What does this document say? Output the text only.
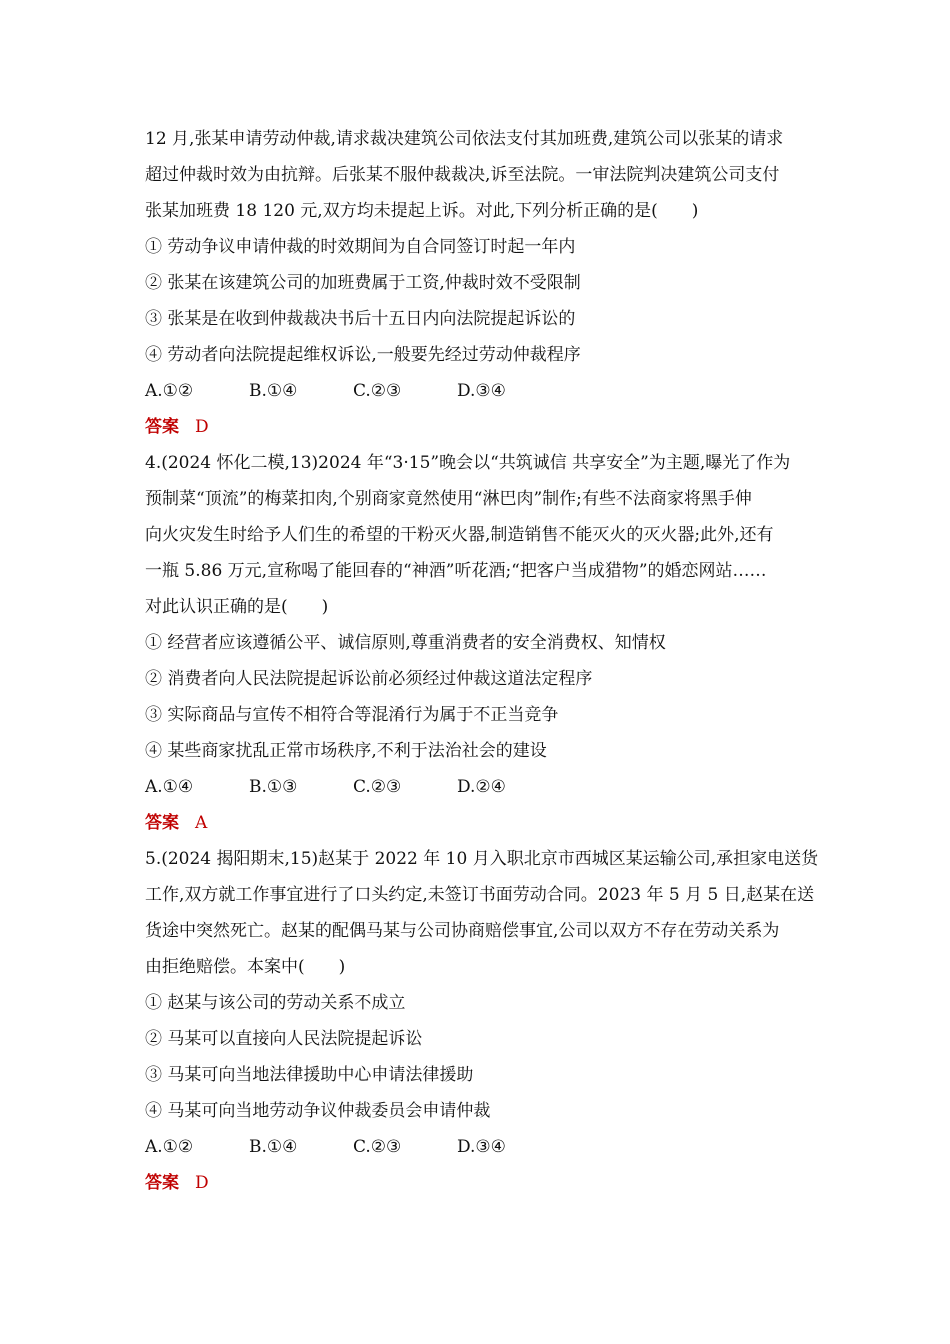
12 月,张某申请劳动仲裁,请求裁决建筑公司依法支付其加班费,建筑公司以张某的请求
超过仲裁时效为由抗辩。后张某不服仲裁裁决,诉至法院。一审法院判决建筑公司支付
张某加班费 18 120 元,双方均未提起上诉。对此,下列分析正确的是(　　)
① 劳动争议申请仲裁的时效期间为自合同签订时起一年内
② 张某在该建筑公司的加班费属于工资,仲裁时效不受限制
③ 张某是在收到仲裁裁决书后十五日内向法院提起诉讼的
④ 劳动者向法院提起维权诉讼,一般要先经过劳动仲裁程序
A.①②	B.①④	C.②③	D.③④
答案 D
4.(2024 怀化二模,13)2024 年“3·15”晚会以“共筑诚信 共享安全”为主题,曝光了作为
预制菜“顶流”的梅菜扣肉,个别商家竟然使用“淋巴肉”制作;有些不法商家将黑手伸
向火灾发生时给予人们生的希望的干粉灭火器,制造销售不能灭火的灭火器;此外,还有
一瓶 5.86 万元,宣称喝了能回春的“神酒”听花酒;“把客户当成猎物”的婚恋网站……
对此认识正确的是(　　)
① 经营者应该遵循公平、诚信原则,尊重消费者的安全消费权、知情权
② 消费者向人民法院提起诉讼前必须经过仲裁这道法定程序
③ 实际商品与宣传不相符合等混淆行为属于不正当竞争
④ 某些商家扰乱正常市场秩序,不利于法治社会的建设
A.①④	B.①③	C.②③	D.②④
答案 A
5.(2024 揭阳期末,15)赵某于 2022 年 10 月入职北京市西城区某运输公司,承担家电送货
工作,双方就工作事宜进行了口头约定,未签订书面劳动合同。2023 年 5 月 5 日,赵某在送
货途中突然死亡。赵某的配偶马某与公司协商赔偿事宜,公司以双方不存在劳动关系为
由拒绝赔偿。本案中(　　)
① 赵某与该公司的劳动关系不成立
② 马某可以直接向人民法院提起诉讼
③ 马某可向当地法律援助中心申请法律援助
④ 马某可向当地劳动争议仲裁委员会申请仲裁
A.①②	B.①④	C.②③	D.③④
答案 D
